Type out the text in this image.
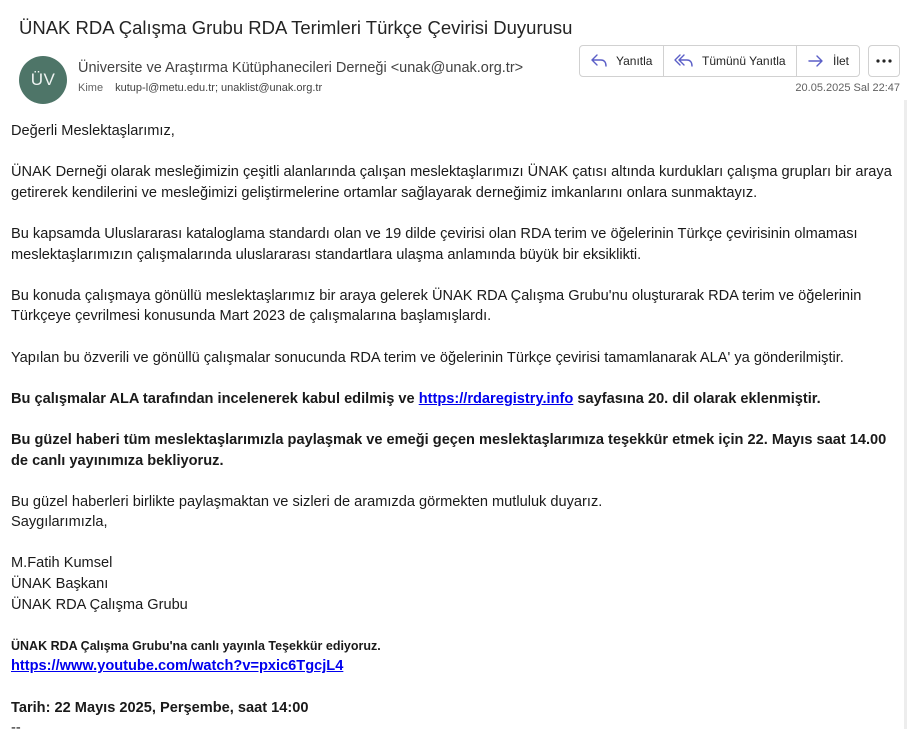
ÜNAK RDA Çalışma Grubu RDA Terimleri Türkçe Çevirisi Duyurusu
ÜV
Üniversite ve Araştırma Kütüphanecileri Derneği <unak@unak.org.tr>
Kime kutup-l@metu.edu.tr; unaklist@unak.org.tr
Yanıtla	Tümünü Yanıtla	İlet
20.05.2025 Sal 22:47

Değerli Meslektaşlarımız,

ÜNAK Derneği olarak mesleğimizin çeşitli alanlarında çalışan meslektaşlarımızı ÜNAK çatısı altında kurdukları çalışma grupları bir araya getirerek kendilerini ve mesleğimizi geliştirmelerine ortamlar sağlayarak derneğimiz imkanlarını onlara sunmaktayız.

Bu kapsamda Uluslararası kataloglama standardı olan ve 19 dilde çevirisi olan RDA terim ve öğelerinin Türkçe çevirisinin olmaması meslektaşlarımızın çalışmalarında uluslararası standartlara ulaşma anlamında büyük bir eksiklikti.

Bu konuda çalışmaya gönüllü meslektaşlarımız bir araya gelerek ÜNAK RDA Çalışma Grubu'nu oluşturarak RDA terim ve öğelerinin Türkçeye çevrilmesi konusunda Mart 2023 de çalışmalarına başlamışlardı.

Yapılan bu özverili ve gönüllü çalışmalar sonucunda RDA terim ve öğelerinin Türkçe çevirisi tamamlanarak ALA' ya gönderilmiştir.

Bu çalışmalar ALA tarafından incelenerek kabul edilmiş ve https://rdaregistry.info sayfasına 20. dil olarak eklenmiştir.

Bu güzel haberi tüm meslektaşlarımızla paylaşmak ve emeği geçen meslektaşlarımıza teşekkür etmek için 22. Mayıs saat 14.00 de canlı yayınımıza bekliyoruz.

Bu güzel haberleri birlikte paylaşmaktan ve sizleri de aramızda görmekten mutluluk duyarız.

Saygılarımızla,

M.Fatih Kumsel

ÜNAK Başkanı

ÜNAK RDA Çalışma Grubu

ÜNAK RDA Çalışma Grubu'na canlı yayınla Teşekkür ediyoruz.

https://www.youtube.com/watch?v=pxic6TgcjL4

Tarih: 22 Mayıs 2025, Perşembe, saat 14:00

--
